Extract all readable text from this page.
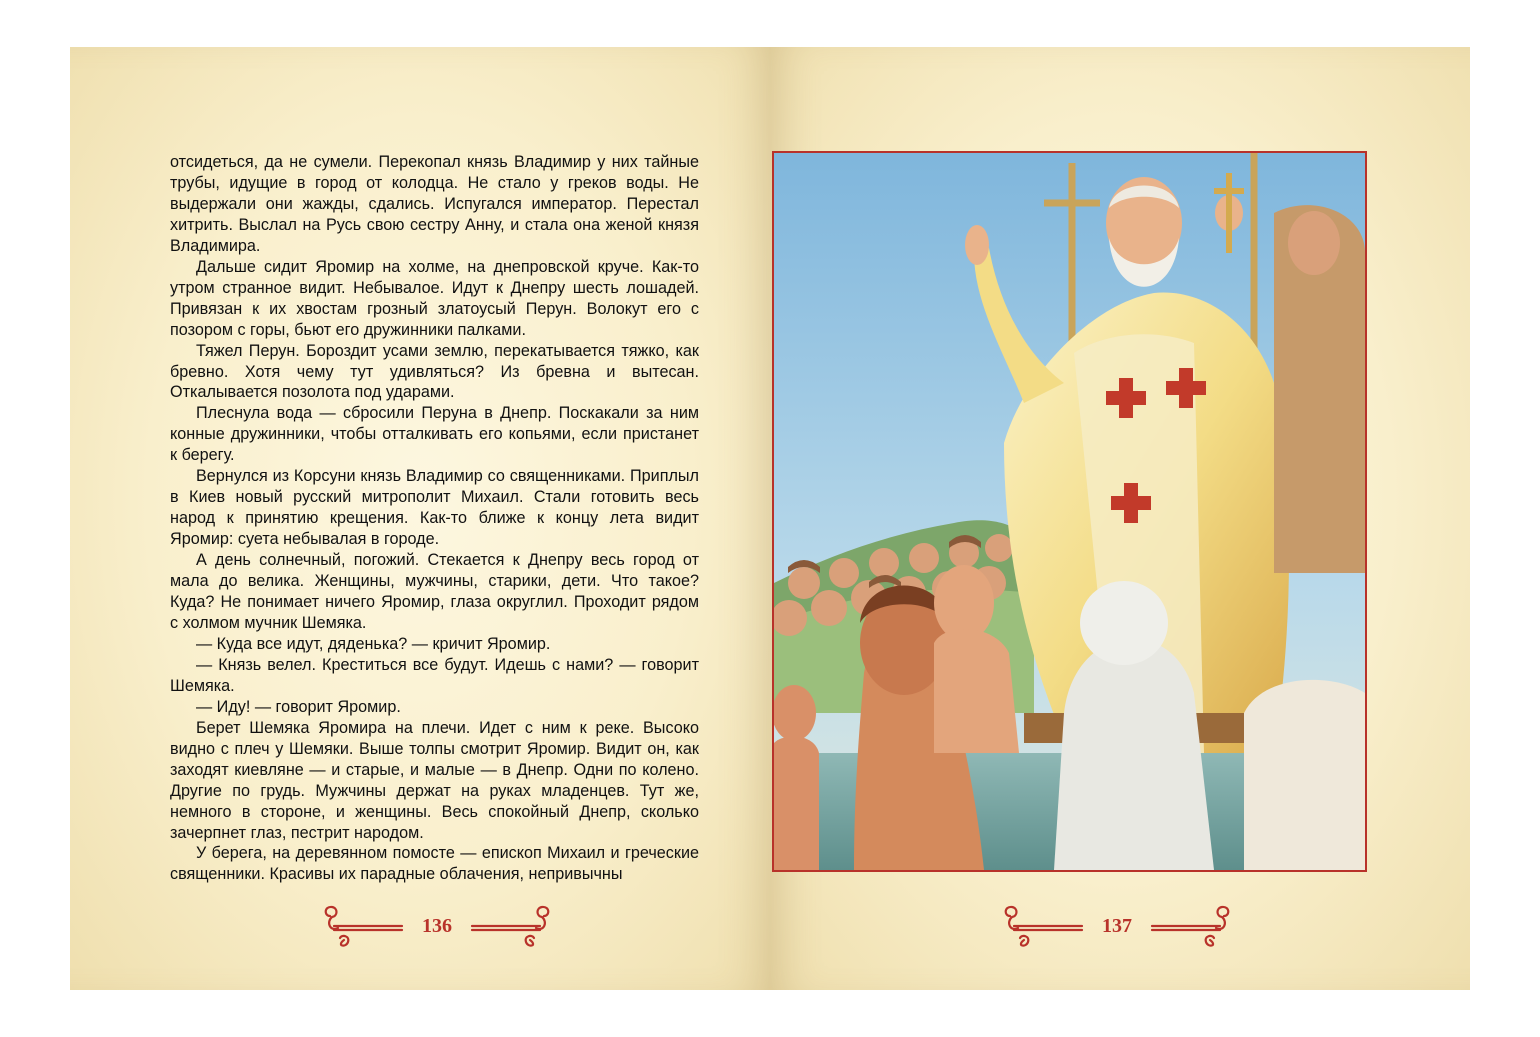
отсидеться, да не сумели. Перекопал князь Владимир у них тайные трубы, идущие в город от колодца. Не стало у греков воды. Не выдержали они жажды, сдались. Испугался император. Перестал хитрить. Выслал на Русь свою сестру Анну, и стала она женой князя Владимира.

Дальше сидит Яромир на холме, на днепровской круче. Как-то утром странное видит. Небывалое. Идут к Днепру шесть лошадей. Привязан к их хвостам грозный златоусый Перун. Волокут его с позором с горы, бьют его дружинники палками.

Тяжел Перун. Бороздит усами землю, перекатывается тяжко, как бревно. Хотя чему тут удивляться? Из бревна и вытесан. Откалывается позолота под ударами.

Плеснула вода — сбросили Перуна в Днепр. Поскакали за ним конные дружинники, чтобы отталкивать его копьями, если пристанет к берегу.

Вернулся из Корсуни князь Владимир со священниками. Приплыл в Киев новый русский митрополит Михаил. Стали готовить весь народ к принятию крещения. Как-то ближе к концу лета видит Яромир: суета небывалая в городе.

А день солнечный, погожий. Стекается к Днепру весь город от мала до велика. Женщины, мужчины, старики, дети. Что такое? Куда? Не понимает ничего Яромир, глаза округлил. Проходит рядом с холмом мучник Шемяка.

— Куда все идут, дяденька? — кричит Яромир.

— Князь велел. Креститься все будут. Идешь с нами? — говорит Шемяка.

— Иду! — говорит Яромир.

Берет Шемяка Яромира на плечи. Идет с ним к реке. Высоко видно с плеч у Шемяки. Выше толпы смотрит Яромир. Видит он, как заходят киевляне — и старые, и малые — в Днепр. Одни по колено. Другие по грудь. Мужчины держат на руках младенцев. Тут же, немного в стороне, и женщины. Весь спокойный Днепр, сколько зачерпнет глаз, пестрит народом.

У берега, на деревянном помосте — епископ Михаил и греческие священники. Красивы их парадные облачения, непривычны

136	137
